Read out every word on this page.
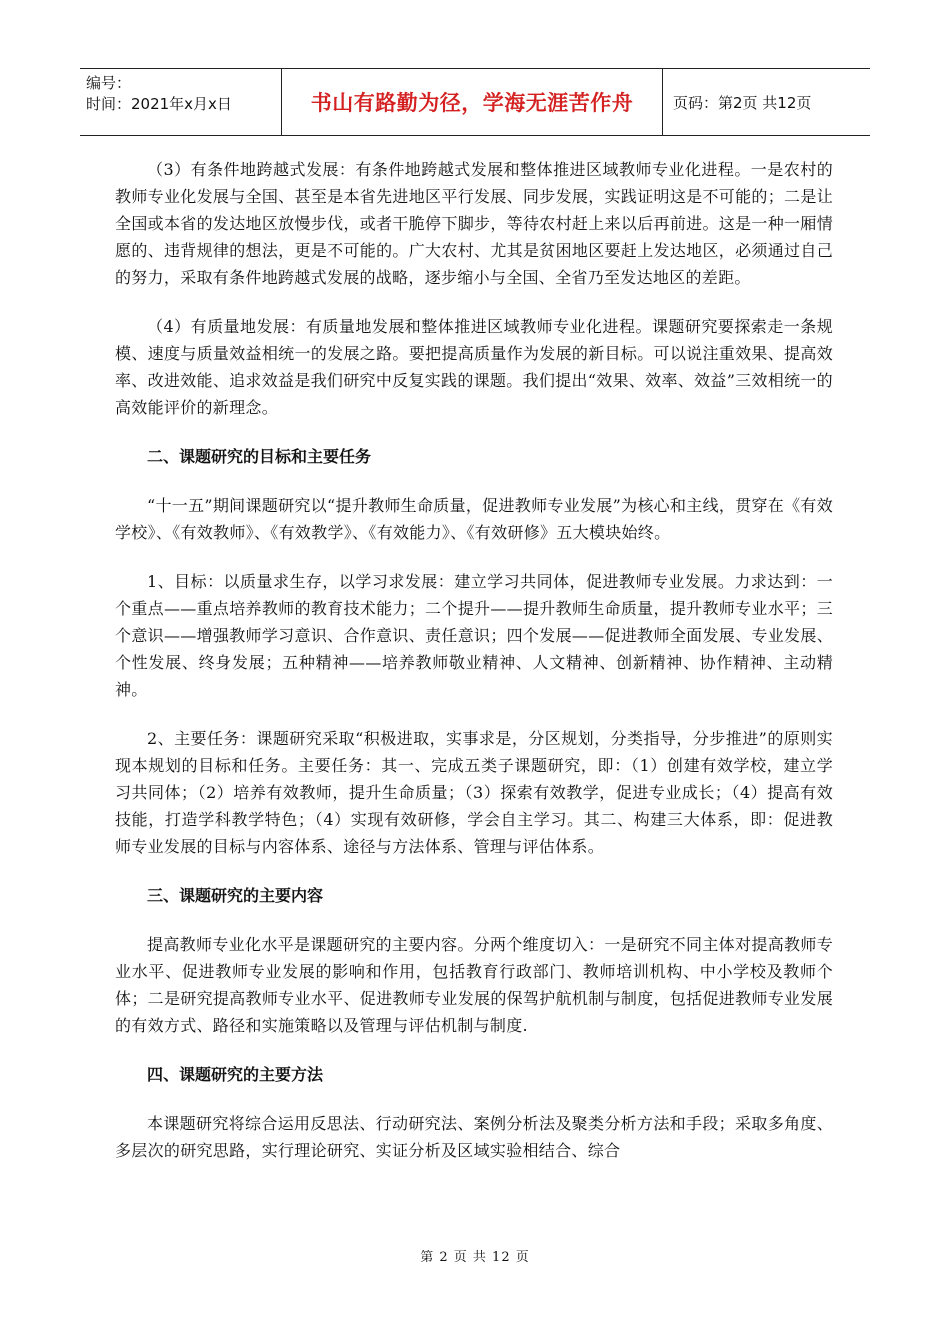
编号：
时间：2021年x月x日	书山有路勤为径，学海无涯苦作舟	页码：第2页 共12页

（3）有条件地跨越式发展：有条件地跨越式发展和整体推进区域教师专业化进程。一是农村的教师专业化发展与全国、甚至是本省先进地区平行发展、同步发展，实践证明这是不可能的；二是让全国或本省的发达地区放慢步伐，或者干脆停下脚步，等待农村赶上来以后再前进。这是一种一厢情愿的、违背规律的想法，更是不可能的。广大农村、尤其是贫困地区要赶上发达地区，必须通过自己的努力，采取有条件地跨越式发展的战略，逐步缩小与全国、全省乃至发达地区的差距。

（4）有质量地发展：有质量地发展和整体推进区域教师专业化进程。课题研究要探索走一条规模、速度与质量效益相统一的发展之路。要把提高质量作为发展的新目标。可以说注重效果、提高效率、改进效能、追求效益是我们研究中反复实践的课题。我们提出“效果、效率、效益”三效相统一的高效能评价的新理念。

二、课题研究的目标和主要任务

“十一五”期间课题研究以“提升教师生命质量，促进教师专业发展”为核心和主线，贯穿在《有效学校》、《有效教师》、《有效教学》、《有效能力》、《有效研修》五大模块始终。

1、目标：以质量求生存，以学习求发展：建立学习共同体，促进教师专业发展。力求达到：一个重点——重点培养教师的教育技术能力；二个提升——提升教师生命质量，提升教师专业水平；三个意识——增强教师学习意识、合作意识、责任意识；四个发展——促进教师全面发展、专业发展、个性发展、终身发展；五种精神——培养教师敬业精神、人文精神、创新精神、协作精神、主动精神。

2、主要任务：课题研究采取“积极进取，实事求是，分区规划，分类指导，分步推进”的原则实现本规划的目标和任务。主要任务：其一、完成五类子课题研究，即：（1）创建有效学校，建立学习共同体；（2）培养有效教师，提升生命质量；（3）探索有效教学，促进专业成长；（4）提高有效技能，打造学科教学特色；（4）实现有效研修，学会自主学习。其二、构建三大体系，即：促进教师专业发展的目标与内容体系、途径与方法体系、管理与评估体系。

三、课题研究的主要内容

提高教师专业化水平是课题研究的主要内容。分两个维度切入：一是研究不同主体对提高教师专业水平、促进教师专业发展的影响和作用，包括教育行政部门、教师培训机构、中小学校及教师个体；二是研究提高教师专业水平、促进教师专业发展的保驾护航机制与制度，包括促进教师专业发展的有效方式、路径和实施策略以及管理与评估机制与制度.

四、课题研究的主要方法

本课题研究将综合运用反思法、行动研究法、案例分析法及聚类分析方法和手段；采取多角度、多层次的研究思路，实行理论研究、实证分析及区域实验相结合、综合

第 2 页 共 12 页
